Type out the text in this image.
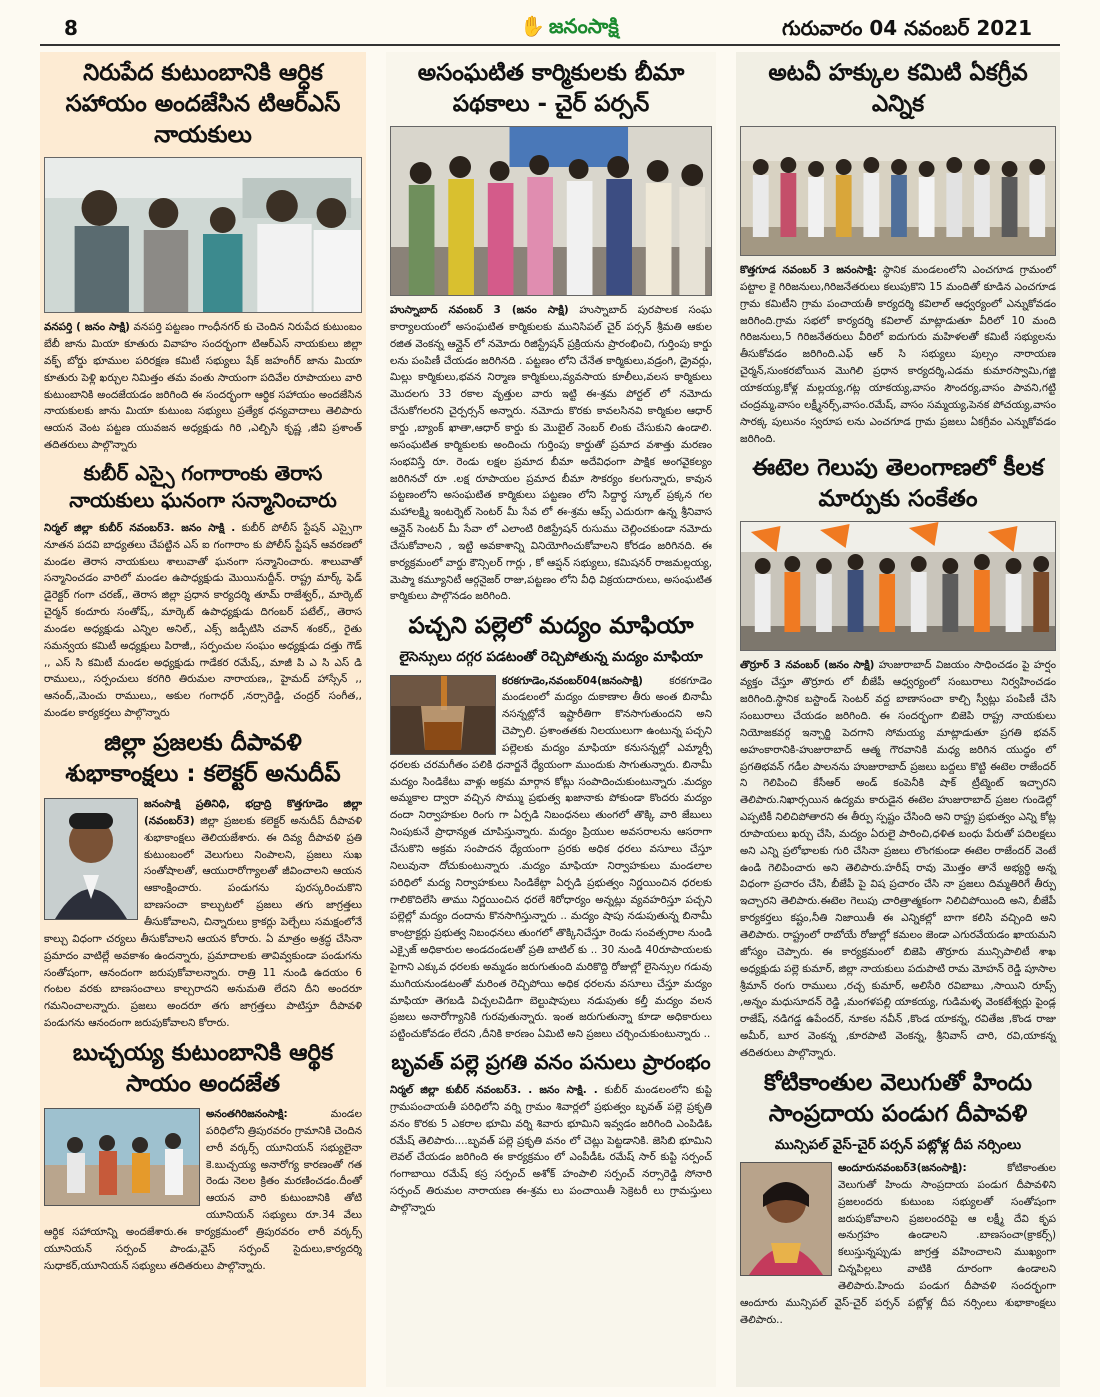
8	✋ జనంసాక్షి	గురువారం 04 నవంబర్ 2021
నిరుపేద కుటుంబానికి ఆర్ధిక సహాయం అందజేసిన టిఆర్ఎస్ నాయకులు
వనపర్తి ( జనం సాక్షి) వనపర్తి పట్టణం గాంధీనగర్ కు చెందిన నిరుపేద కుటుంబం బేబీ జాను మియా కూతురు వివాహం సందర్భంగా టిఆర్ఎస్ నాయకులు జిల్లా వక్ఫ్ బోర్డు భూముల పరిరక్షణ కమిటీ సభ్యులు షేక్ జహంగీర్ జాను మియా కూతురు పెళ్లి ఖర్చుల నిమిత్తం తమ వంతు సాయంగా పదివేల రూపాయలు వారి కుటుంబానికి అందజేయడం జరిగింది ఈ సందర్భంగా ఆర్థిక సహాయం అందజేసిన నాయకులకు జాను మియా కుటుంబ సభ్యులు ప్రత్యేక ధన్యవాదాలు తెలిపారు ఆయన వెంట పట్టణ యువజన అధ్యక్షుడు గిరి ,ఎల్బిసి కృష్ణ ,జీవి ప్రశాంత్ తదితరులు పాల్గొన్నారు
కుబీర్ ఎస్సై గంగారాంకు తెరాస నాయకులు ఘనంగా సన్మానించారు
నిర్మల్ జిల్లా కుబీర్ నవంబర్3. జనం సాక్షి . కుబీర్ పోలీస్ స్టేషన్ ఎస్సైగా నూతన పదవి బాధ్యతలు చేపట్టిన ఎస్ ఐ గంగారాం కు పోలీస్ స్టేషన్ ఆవరణలో మండల తెరాస నాయకులు శాలువాతో ఘనంగా సన్మానించారు. శాలువాతో సన్మానించడం వారిలో మండల ఉపాధ్యక్షుడు మొయినుద్దీన్. రాష్ట్ర మార్క్ ఫెడ్ డైరెక్టర్ గంగా చరణ్,, తెరాస జిల్లా ప్రధాన కార్యదర్శి తూమ్ రాజేశ్వర్,, మార్కెట్ చైర్మన్ కందూరు సంతోష్,, మార్కెట్ ఉపాధ్యక్షుడు దిగంబర్ పటేల్,, తెరాస మండల అధ్యక్షుడు ఎన్నిల అనిల్,, ఎక్స్ జడ్పీటిసి చవాన్ శంకర్,, రైతు సమన్వయ కమిటీ అధ్యక్షులు పిరాజీ,, సర్పంచుల సంఘం అధ్యక్షుడు దత్తు గౌడ్ ,, ఎస్ సి కమిటీ మండల అధ్యక్షుడు గాడేకర రమేష్,, మాజీ పి ఎ సి ఎస్ డి రాములు,, సర్పంచులు కరగిరి తిరుమల నారాయణ,, హైమద్ హాస్సేన్ ,, ఆనంద్,,మెంచు రాములు,, అకుల గంగాధర్ ,నర్సారెడ్డి, చంద్రర్ సంగీత,, మండల కార్యకర్తలు పాల్గొన్నారు
జిల్లా ప్రజలకు దీపావళి శుభాకాంక్షలు : కలెక్టర్ అనుదీప్
జనంసాక్షి ప్రతినిధి, భద్రాద్రి కొత్తగూడెం జిల్లా (నవంబర్3) జిల్లా ప్రజలకు కలెక్టర్ అనుదీప్ దీపావళి శుభాకాంక్షలు తెలియజేశారు. ఈ దివ్య దీపావళి ప్రతి కుటుంబంలో వెలుగులు నింపాలని, ప్రజలు సుఖ సంతోషాలతో, ఆయురారోగ్యాలతో జీవించాలని ఆయన ఆకాంక్షించారు. పండుగను పురస్కరించుకొని బాణసంచా కాల్చుటలో ప్రజలు తగు జాగ్రత్తలు తీసుకోవాలని, చిన్నారులు క్రాకర్లు పెల్చేలు సమక్షంలోనే కాల్చు విధంగా చర్యలు తీసుకోవాలని ఆయన కోరారు. ఏ మాత్రం అశ్రద్ధ చేసినా ప్రమాదం వాటిల్లే అవకాశం ఉందన్నారు, ప్రమాదాలకు తావివ్వకుండా పండుగను సంతోషంగా, ఆనందంగా జరుపుకోవాలన్నారు. రాత్రి 11 నుండి ఉదయం 6 గంటల వరకు బాణసంచాలు కాల్చరాదని అనుమతి లేదని దీని అందరూ గమనించాలన్నారు. ప్రజలు అందరూ తగు జాగ్రత్తలు పాటిస్తూ దీపావళి పండుగను ఆనందంగా జరుపుకోవాలని కోరారు.
బుచ్చయ్య కుటుంబానికి ఆర్థిక సాయం అందజేత
అనంతగిరిజనంసాక్షి:	మండల పరిధిలోని త్రిపురవరం గ్రామానికి చెందిన లారీ వర్కర్స్ యూనియన్ సభ్యులైనా కె.బుచ్చయ్య అనారోగ్య కారణంతో గత రెండు నెలల క్రితం మరణించడం.దీంతో ఆయన వారి కుటుంబానికి తోటి యూనియన్ సభ్యులు రూ.34 వేలు ఆర్థిక సహాయాన్ని అందజేశారు.ఈ కార్యక్రమంలో త్రిపురవరం లారీ వర్కర్స్ యూనియన్ సర్పంచ్ పాండు,వైస్ సర్పంచ్ సైదులు,కార్యదర్శి సుధాకర్,యూనియన్ సభ్యులు తదితరులు పాల్గొన్నారు.
అసంఘటిత కార్మికులకు బీమా పథకాలు - చైర్ పర్సన్
హుస్నాబాద్ నవంబర్ 3 (జనం సాక్షి) హుస్నాబాద్ పురపాలక సంఘ కార్యాలయంలో అసంఘటిత కార్మికులకు మునిసిపల్ చైర్ పర్సన్ శ్రీమతి ఆకుల రజిత వెంకన్న ఆన్లైన్ లో నమోదు రిజిస్ట్రేషన్ ప్రక్రియను ప్రారంభించి, గుర్తింపు కార్డు లను పంపిణీ చేయడం జరిగినది . పట్టణం లోని చేనేత కార్మికులు,వడ్రంగి, డ్రైవర్లు, మిల్లు కార్మికులు,భవన నిర్మాణ కార్మికులు,వ్యవసాయ కూలీలు,వలస కార్మికులు మొదలగు 33 రకాల వృత్తుల వారు ఇట్టి ఈ-శ్రమ పోర్టల్ లో నమోదు చేసుకోగలరని చైర్పర్సన్ అన్నారు. నమోదు కొరకు కావలసినవి కార్మికుల ఆధార్ కార్డు ,బ్యాంక్ ఖాతా,ఆధార్ కార్డు కు మొబైల్ నెంబర్ లింకు చేసుకుని ఉండాలి. అసంఘటిత కార్మికులకు అందించు గుర్తింపు కార్డుతో ప్రమాద వశాత్తు మరణం సంభవిస్తే రూ. రెండు లక్షల ప్రమాద బీమా అదేవిధంగా పాక్షిక అంగవైకల్యం జరిగినచో రూ .లక్ష రూపాయల ప్రమాద బీమా సౌకర్యం కలగున్నారు, కావున పట్టణంలోని అసంఘటిత కార్మికులు పట్టణం లోని సిద్దార్థ స్కూల్ ప్రక్కన గల మహాలక్ష్మి ఇంటర్నెట్ సెంటర్ మీ సేవ లో ఈ-శ్రమ ఆప్స్ ఎదురుగా ఉన్న శ్రీనివాస ఆన్లైన్ సెంటర్ మీ సేవా లో ఎలాంటి రిజిస్ట్రేషన్ రుసుము చెల్లించకుండా నమోదు చేసుకోవాలని , ఇట్టి అవకాశాన్ని వినియోగించుకోవాలని కోరడం జరిగినది. ఈ కార్యక్రమంలో వార్డు కౌన్సిలర్ గార్లు , కో ఆప్షన్ సభ్యులు, కమిషనర్ రాజమల్లయ్య, మెప్మా కమ్యూనిటీ ఆర్గనైజర్ రాజు,పట్టణం లోని వీధి విక్రయదారులు, అసంఘటిత కార్మికులు పాల్గొనడం జరిగింది.
పచ్చని పల్లెలో మద్యం మాఫియా
లైసెన్సులు దగ్గర పడటంతో రెచ్చిపోతున్న మద్యం మాఫియా
కరకగూడెం,నవంబర్04(జనంసాక్షి)	కరకగూడెం మండలంలో మద్యం దుకాణాల తీరు అంత బినామీ నసన్నట్లోనే ఇష్టారీతిగా కొనసాగుతుందని అని చెప్పాలి. ప్రశాంతతకు నిలయులుగా ఉంటున్న పచ్చని పల్లెలకు మద్యం మాఫియా కనుసన్నల్లో ఎమ్మార్పీ ధరలకు చరమగీతం పలికి ధనార్జనే ధ్యేయంగా ముందుకు సాగుతున్నారు. బినామీ మద్యం సిండికేటు వాళ్లు అక్రమ మార్గాన కోట్లు సంపాదించుకుంటున్నారు .మద్యం అమ్మకాల ద్వారా వచ్చిన సొమ్ము ప్రభుత్వ ఖజానాకు పోకుండా కొందరు మద్యం దందా నిర్వాహకుల రింగు గా ఏర్పడి నిబంధనలు తుంగలో తొక్కి వారి జేబులు నింపుకునే ప్రాధాన్యత చూపిస్తున్నారు. మద్యం ప్రియుల అవసరాలను ఆసరాగా చేసుకొని అక్రమ సంపాదన ధ్యేయంగా ప్రరకు అధిక ధరలు వసూలు చేస్తూ నిలువునా దోచుకుంటున్నారు .మద్యం మాఫియా నిర్వాహకులు మండలాల పరిధిలో మద్య నిర్వాహకులు సిండికేట్గా ఏర్పడి ప్రభుత్వం నిర్ణయించిన ధరలకు గాలికొదిలేసి తాము నిర్ణయించిన ధరలే శిరోధార్యం అన్నట్లు వ్యవహరిస్తూ పచ్చని పల్లెల్లో మద్యం దందాను కొనసాగిస్తున్నారు .. మద్యం షాపు నడుపుతున్న బినామీ కాంట్రాక్టర్లు ప్రభుత్వ నిబంధనలు తుంగలో తొక్కినిచేస్తూ రెండు సంవత్సరాల నుండి ఎక్సైజ్ అధికారుల అండదండలతో ప్రతి బాటిల్ కు .. 30 నుండి 40రూపాయలకు పైగాని ఎక్కువ ధరలకు అమ్మడం జరుగుతుంది మరికొద్ది రోజుల్లో లైసెన్సుల గడువు ముగియనుండటంతో మరింత రెచ్చిపోయి అధిక ధరలను వసూలు చేస్తూ మద్యం మాఫియా తెగబడి విచ్చలవిడిగా బెల్టుషాపులు నడుపుతు కల్తీ మద్యం వలన ప్రజలు అనారోగ్యానికి గురవుతున్నారు. ఇంత జరుగుతున్నా కూడా అధికారులు పట్టించుకోవడం లేదని ,దీనికి కారణం ఏమిటి అని ప్రజలు చర్చించుకుంటున్నారు ..
బృవత్ పల్లె ప్రగతి వనం పనులు ప్రారంభం
నిర్మల్ జిల్లా కుబీర్ నవంబర్3. . జనం సాక్షి. . కుబీర్ మండలంలోని కుప్టి గ్రామపంచాయతీ పరిధిలోని వర్ని గ్రామం శివార్లలో ప్రభుత్వం బృవత్ పల్లె ప్రకృతి వనం కొరకు 5 ఎకరాల భూమి వర్ని శివారు భూమిని ఇవ్వడం జరిగింది ఎంపిడిఓ రమేష్ తెలిపారు....బృవత్ పల్లె ప్రకృతి వనం లో చెట్లు పెట్టడానికి. జెసిబి భూమిని లెవల్ చేయడం జరిగింది ఈ కార్యక్రమం లో ఎంపీడీఓ రమేష్ సార్ కుప్టి సర్పంచ్ గంగాబాయి రమేష్ కస్ర సర్పంచ్ అశోక్ హంపాలి సర్పంచ్ నర్సారెడ్డి సోనారి సర్పంచ్ తిరుమల నారాయణ ఈ-శ్రమ లు పంచాయితీ సెక్రెటరీ లు గ్రామస్తులు పాల్గొన్నారు
అటవీ హక్కుల కమిటి ఏకగ్రీవ ఎన్నిక
కొత్తగూడ నవంబర్ 3 జనంసాక్షి: స్థానిక మండలంలోని ఎంచగూడ గ్రామంలో పట్టాల కై గిరిజనులు,గిరిజనేతరులు కలుపుకొని 15 మందితో కూడిన ఎంచగూడ గ్రామ కమిటీని గ్రామ పంచాయతీ కార్యదర్శి కవిలాల్ ఆధ్వర్యంలో ఎన్నుకోవడం జరిగింది.గ్రామ సభలో కార్యదర్శి కవిలాల్ మాట్లాడుతూ వీరిలో 10 మంది గిరిజనులు,5 గిరిజనేతరులు వీరిలో ఐదుగురు మహిళలతో కమిటీ సభ్యులను తీసుకోవడం జరిగింది.ఎఫ్ ఆర్ సి సభ్యులు పుల్సం నారాయణ చైర్మన్,సుంకరబోయిన మొగిలి ప్రధాన కార్యదర్శి,ఎడమ కుమారస్వామి,గజ్జి యాకయ్య,కోళ్ల మల్లయ్య,గట్ల యాకయ్య,వాసం సౌందర్య,వాసం పావని,గట్టి చంద్రమ్మ,వాసం లక్ష్మీనర్స్,వాసం.రమేష్, వాసం సమ్మయ్య,పెనక పోచయ్య,వాసం సారక్క పులునం స్వరూప లను ఎంచగూడ గ్రామ ప్రజలు ఏకగ్రీవం ఎన్నుకోవడం జరిగింది.
ఈటెల గెలుపు తెలంగాణలో కీలక మార్పుకు సంకేతం
తొర్రూర్ 3 నవంబర్ (జనం సాక్షి) హుజురాబాద్ విజయం సాధించడం పై హర్షం వ్యక్తం చేస్తూ తొర్రూరు లో బీజేపీ ఆధ్వర్యంలో సంబురాలు నిర్వహించడం జరిగింది.స్థానిక బస్టాండ్ సెంటర్ వద్ద బాణాసంచా కాల్చి స్వీట్లు పంపిణీ చేసి సంబురాలు చేయడం జరిగింది. ఈ సందర్భంగా బిజెపి రాష్ట్ర నాయకులు నియోజకవర్గ ఇన్చార్జి పెదగాని సోమయ్య మాట్లాడుతూ ప్రగతి భవన్ అహంకారానికి-హుజురాబాద్ ఆత్మ గౌరవానికి మధ్య జరిగిన యుద్ధం లో ప్రగతిభవన్ గడీల పాలనను హుజురాబాద్ ప్రజలు బద్దలు కొట్టి ఈటెల రాజేందర్ ని గెలిపించి కేసీఆర్ అండ్ కంపెనీకి షాక్ ట్రీట్మెంట్ ఇచ్చారని తెలిపారు.నిఖార్సయిన ఉద్యమ కారుడైన ఈటెల హుజురాబాద్ ప్రజల గుండెల్లో ఎప్పటికీ నిలిచిపోతారని ఈ తీర్పు స్పష్టం చేసింది అని రాష్ట్ర ప్రభుత్వం ఎన్ని కోట్ల రూపాయలు ఖర్చు చేసి, మద్యం ఏరులై పారించి,ధళిత బంధు పేరుతో పదిలక్షలు అని ఎన్ని ప్రలోభాలకు గురి చేసినా ప్రజలు లొంగకుండా ఈటెల రాజేందర్ వెంటే ఉండి గెలిపించారు అని తెలిపారు.హరీష్ రావు మొత్తం తానే అభ్యర్థి అన్న విధంగా ప్రచారం చేసి, బీజేపీ పై విష ప్రచారం చేసి నా ప్రజలు దిమ్మతిరిగే తీర్పు ఇచ్చారని తెలిపారు.ఈటెల గెలుపు చారిత్రాత్మకంగా నిలిచిపోయింది అని, బీజేపీ కార్యకర్తలు కష్టం,నీతి నిజాయితీ ఈ ఎన్నికల్లో బాగా కలిసి వచ్చింది అని తెలిపారు. రాష్ట్రంలో రాబోయే రోజుల్లో కమలం జెండా ఎగురవేయడం ఖాయమని జోస్యం చెప్పారు. ఈ కార్యక్రమంలో బిజెపి తొర్రూరు మున్సిపాలిటీ శాఖ అధ్యక్షుడు పల్లె కుమార్, జిల్లా నాయకులు పదుపాటి రామ మోహన్ రెడ్డి పూసాల శ్రీమాన్ రంగు రాములు ,రచ్చ కుమార్, అలిసేరి రవిబాబు ,సాయిని రూప్స్ ,అన్నం మధుసూదన్ రెడ్డి ,మంగళపల్లి యాకయ్య, గుడిమళ్ళ వెంకటేశ్వర్లు పైండ్ల రాజేష్, నడిగడ్డ ఉపేందర్, నూకల నవీన్ ,కొండ యాకన్న, రవితేజ ,కొండ రాజు అమీర్, బూర వెంకన్న ,కూరపాటి వెంకన్న, శ్రీనివాస్ చారి, రవి,యాకన్న తదితరులు పాల్గొన్నారు.
కోటికాంతుల వెలుగుతో హిందు సాంప్రదాయ పండుగ దీపావళి
మున్సిపల్ వైస్-చైర్ పర్సన్ పట్లోళ్ల దీప నర్సింలు
ఆందూరునవంబర్3(జనంసాక్షి):	కోటికాంతుల వెలుగుతో హిందు సాంప్రదాయ పండుగ దీపావళిని ప్రజలందరు కుటుంబ సభ్యులతో సంతోషంగా జరుపుకోవాలని ప్రజలందరిపై ఆ లక్ష్మీ దేవి కృప అనుగ్రహం ఉండాలని .బాణసంచా(క్రాకర్స్) కలుస్తున్నప్పుడు జాగ్రత్త వహించాలని ముఖ్యంగా చిన్నపిల్లలు వాటికి దూరంగా ఉండాలని తెలిపారు.హిందు పండుగ దీపావళి సందర్భంగా ఆందూరు మున్సిపల్ వైస్-చైర్ పర్సన్ పట్లోళ్ల దీప నర్సింలు శుభాకాంక్షలు తెలిపారు..
